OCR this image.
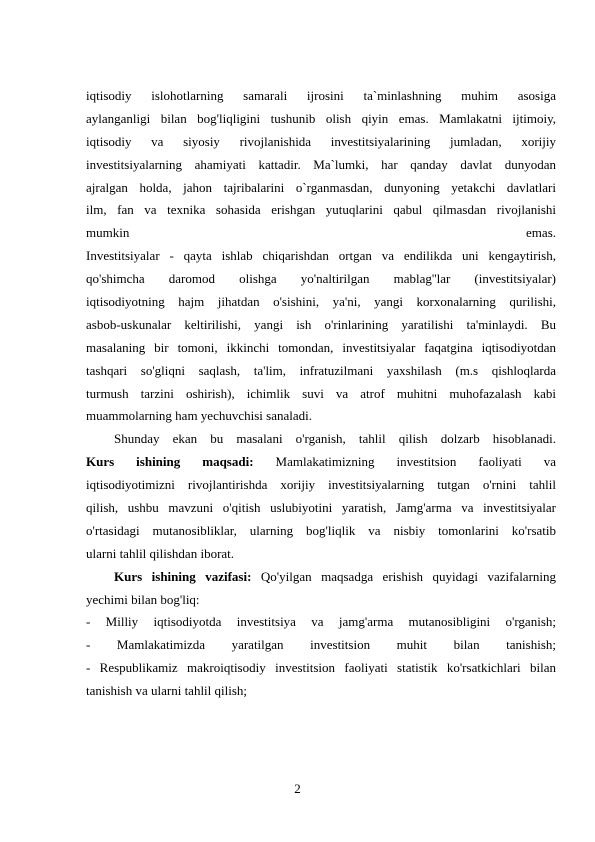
iqtisodiy islohotlarning samarali ijrosini ta`minlashning muhim asosiga
aylanganligi bilan bog'liqligini tushunib olish qiyin emas. Mamlakatni ijtimoiy,
iqtisodiy va siyosiy rivojlanishida investitsiyalarining jumladan, xorijiy
investitsiyalarning ahamiyati kattadir. Ma`lumki, har qanday davlat dunyodan
ajralgan holda, jahon tajribalarini o`rganmasdan, dunyoning yetakchi davlatlari
ilm, fan va texnika sohasida erishgan yutuqlarini qabul qilmasdan rivojlanishi
mumkin emas.
Investitsiyalar - qayta ishlab chiqarishdan ortgan va endilikda uni kengaytirish,
qo'shimcha daromod olishga yo'naltirilgan mablag''lar (investitsiyalar)
iqtisodiyotning hajm jihatdan o'sishini, ya'ni, yangi korxonalarning qurilishi,
asbob-uskunalar keltirilishi, yangi ish o'rinlarining yaratilishi ta'minlaydi. Bu
masalaning bir tomoni, ikkinchi tomondan, investitsiyalar faqatgina iqtisodiyotdan
tashqari so'gliqni saqlash, ta'lim, infratuzilmani yaxshilash (m.s qishloqlarda
turmush tarzini oshirish), ichimlik suvi va atrof muhitni muhofazalash kabi
muammolarning ham yechuvchisi sanaladi.
Shunday ekan bu masalani o'rganish, tahlil qilish dolzarb hisoblanadi.
Kurs ishining maqsadi: Mamlakatimizning investitsion faoliyati va
iqtisodiyotimizni rivojlantirishda xorijiy investitsiyalarning tutgan o'rnini tahlil
qilish, ushbu mavzuni o'qitish uslubiyotini yaratish, Jamg'arma va investitsiyalar
o'rtasidagi mutanosibliklar, ularning bog'liqlik va nisbiy tomonlarini ko'rsatib
ularni tahlil qilishdan iborat.
Kurs ishining vazifasi: Qo'yilgan maqsadga erishish quyidagi vazifalarning
yechimi bilan bog'liq:
- Milliy iqtisodiyotda investitsiya va jamg'arma mutanosibligini o'rganish;
- Mamlakatimizda yaratilgan investitsion muhit bilan tanishish;
- Respublikamiz makroiqtisodiy investitsion faoliyati statistik ko'rsatkichlari bilan
tanishish va ularni tahlil qilish;
2
